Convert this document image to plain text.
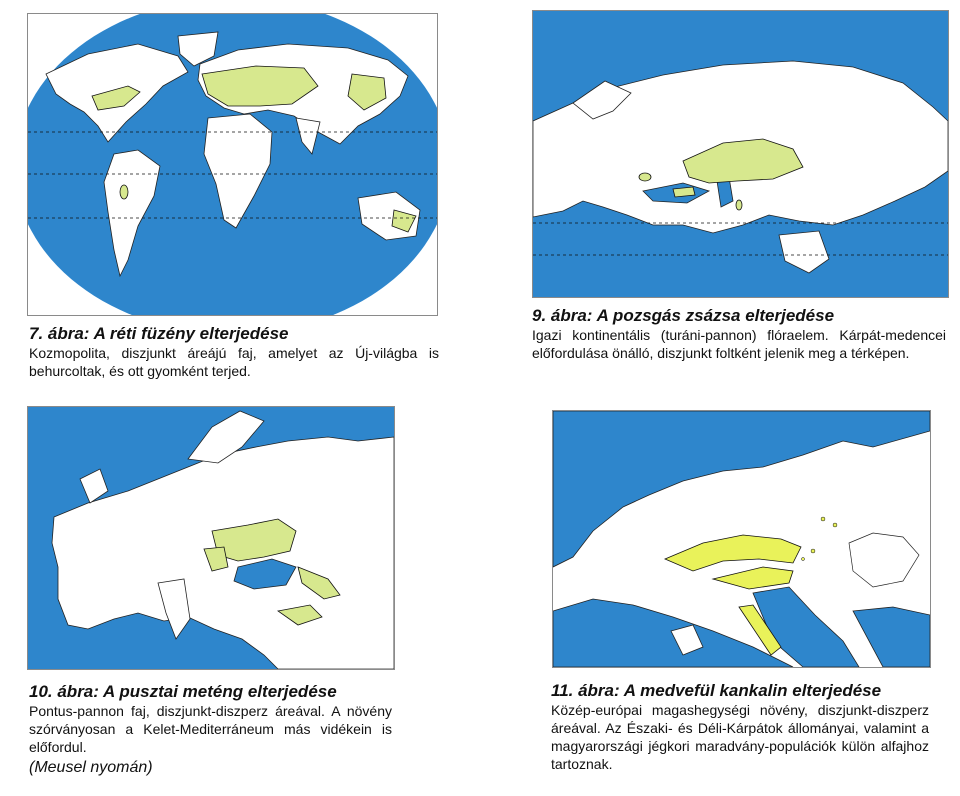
7. ábra: A réti füzény elterjedése
Kozmopolita, diszjunkt áreájú faj, amelyet az Új-világba is behurcoltak, és ott gyomként terjed.
9. ábra: A pozsgás zsázsa elterjedése
Igazi kontinentális (turáni-pannon) flóraelem. Kárpát-medencei előfordulása önálló, diszjunkt foltként jelenik meg a térképen.
10. ábra: A pusztai meténg elterjedése
Pontus-pannon faj, diszjunkt-diszperz áreával. A növény szórványosan a Kelet-Mediterráneum más vidékein is előfordul.
(Meusel nyomán)
11. ábra: A medvefül kankalin elterjedése
Közép-európai magashegységi növény, diszjunkt-diszperz áreával. Az Északi- és Déli-Kárpátok állományai, valamint a magyarországi jégkori maradvány-populációk külön alfajhoz tartoznak.
